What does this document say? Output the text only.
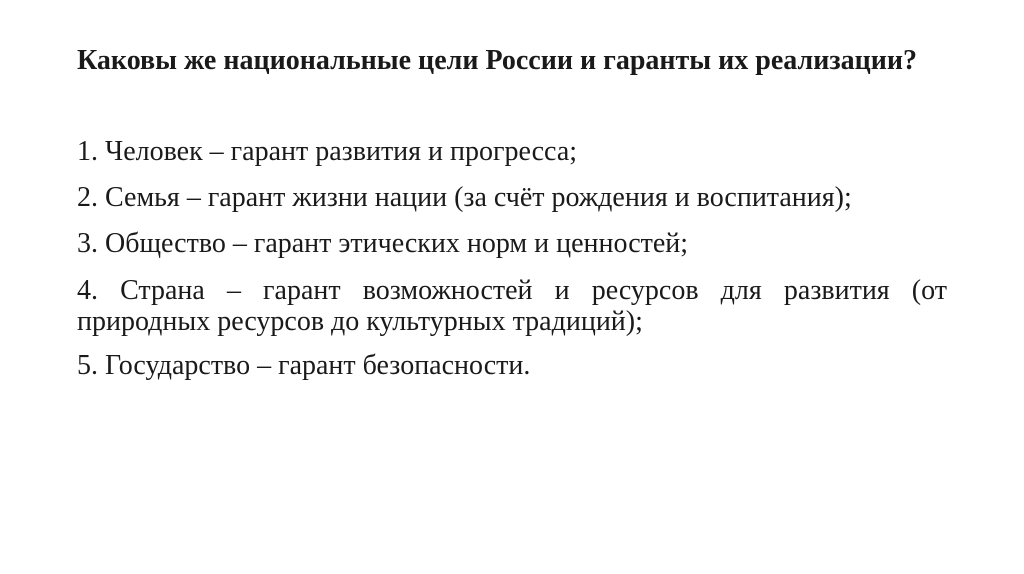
Каковы же национальные цели России и гаранты их реализации?
1. Человек – гарант развития и прогресса;
2. Семья – гарант жизни нации (за счёт рождения и воспитания);
3. Общество – гарант этических норм и ценностей;
4. Страна – гарант возможностей и ресурсов для развития (от природных ресурсов до культурных традиций);
5. Государство – гарант безопасности.
